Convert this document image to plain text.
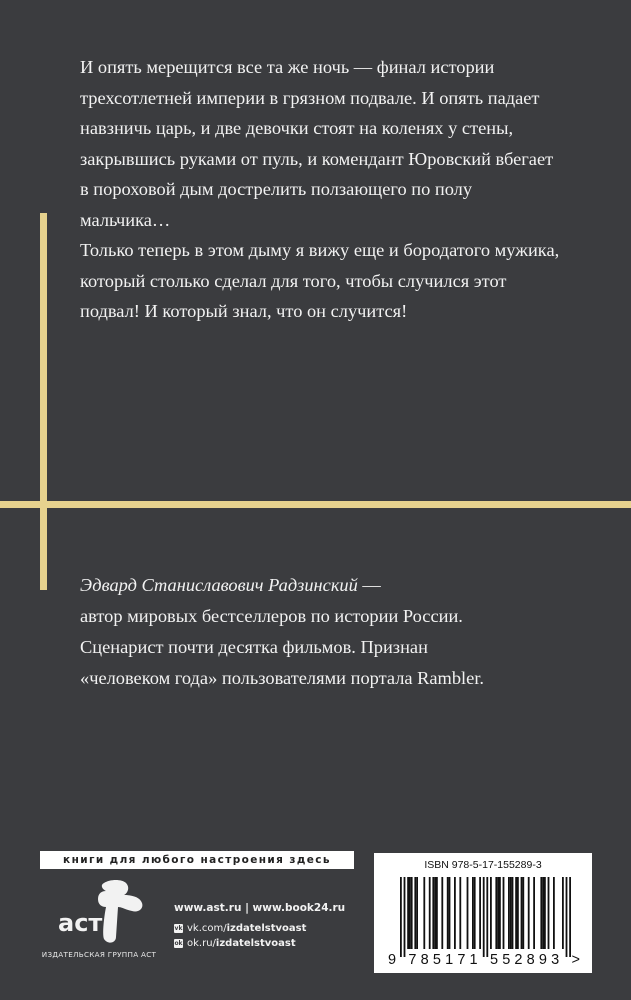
И опять мерещится все та же ночь — финал истории
трехсотлетней империи в грязном подвале. И опять падает
навзничь царь, и две девочки стоят на коленях у стены,
закрывшись руками от пуль, и комендант Юровский вбегает
в пороховой дым дострелить ползающего по полу
мальчика…
Только теперь в этом дыму я вижу еще и бородатого мужика,
который столько сделал для того, чтобы случился этот
подвал! И который знал, что он случится!

Эдвард Станиславович Радзинский —
автор мировых бестселлеров по истории России.
Сценарист почти десятка фильмов. Признан
«человеком года» пользователями портала Rambler.

книги для любого настроения здесь
аст
ИЗДАТЕЛЬСКАЯ ГРУППА АСТ
www.ast.ru | www.book24.ru
vk vk.com/izdatelstvoast
ok ok.ru/izdatelstvoast
ISBN 978-5-17-155289-3
9 785171 552893 >
